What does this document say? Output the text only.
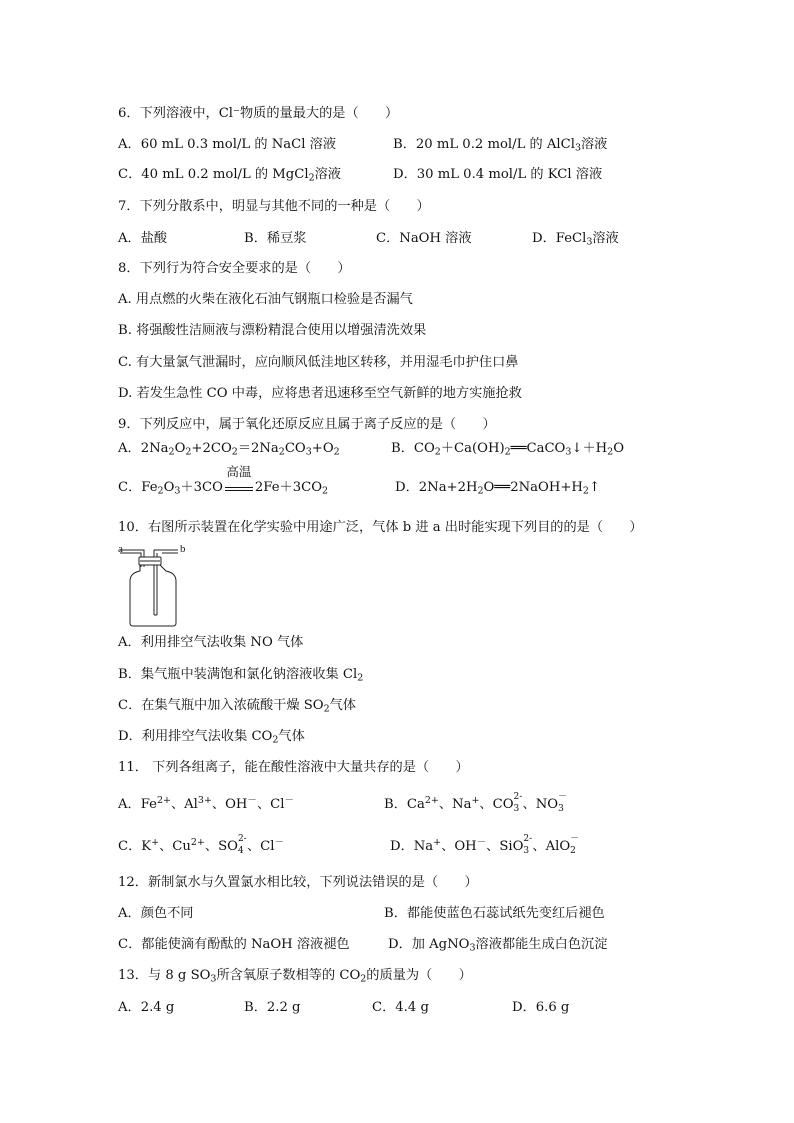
6．下列溶液中，Cl⁻物质的量最大的是（　　）
A．60 mL 0.3 mol/L 的 NaCl 溶液	B．20 mL 0.2 mol/L 的 AlCl$_3$溶液
C．40 mL 0.2 mol/L 的 MgCl$_2$溶液	D．30 mL 0.4 mol/L 的 KCl 溶液
7．下列分散系中，明显与其他不同的一种是（　　）
A．盐酸	B．稀豆浆	C．NaOH 溶液	D．FeCl$_3$溶液
8．下列行为符合安全要求的是（　　）
A. 用点燃的火柴在液化石油气钢瓶口检验是否漏气
B. 将强酸性洁厕液与漂粉精混合使用以增强清洗效果
C. 有大量氯气泄漏时，应向顺风低洼地区转移，并用湿毛巾护住口鼻
D. 若发生急性 CO 中毒，应将患者迅速移至空气新鲜的地方实施抢救
9．下列反应中，属于氧化还原反应且属于离子反应的是（　　）
A．$2Na_2O_2+2CO_2=2Na_2CO_3+O_2$	B．$CO_2+Ca(OH)_2══CaCO_3↓+H_2O$
C．$Fe_2O_3+3CO$
高温
$2Fe+3CO_2$	D．$2Na+2H_2O══2NaOH+H_2↑$
10．右图所示装置在化学实验中用途广泛，气体 b 进 a 出时能实现下列目的的是（　　）
a	b
A．利用排空气法收集 NO 气体
B．集气瓶中装满饱和氯化钠溶液收集 $Cl_2$
C．在集气瓶中加入浓硫酸干燥 $SO_2$气体
D．利用排空气法收集 $CO_2$气体
11． 下列各组离子，能在酸性溶液中大量共存的是（　　）
A．$Fe^{2+}$、$Al^{3+}$、OH－、Cl－	B．$Ca^{2+}$、Na+、CO 2-
3 、NO －
3
C．K+、$Cu^{2+}$、SO 2-
4 、Cl－	D．Na+、OH－、SiO 2-
3 、AlO －
2
12．新制氯水与久置氯水相比较，下列说法错误的是（　　）
A．颜色不同	B．都能使蓝色石蕊试纸先变红后褪色
C．都能使滴有酚酞的 NaOH 溶液褪色	D．加 AgNO$_3$溶液都能生成白色沉淀
13．与 8 g $SO_3$所含氧原子数相等的 $CO_2$的质量为（　　）
A．2.4 g	B．2.2 g	C．4.4 g	D．6.6 g
